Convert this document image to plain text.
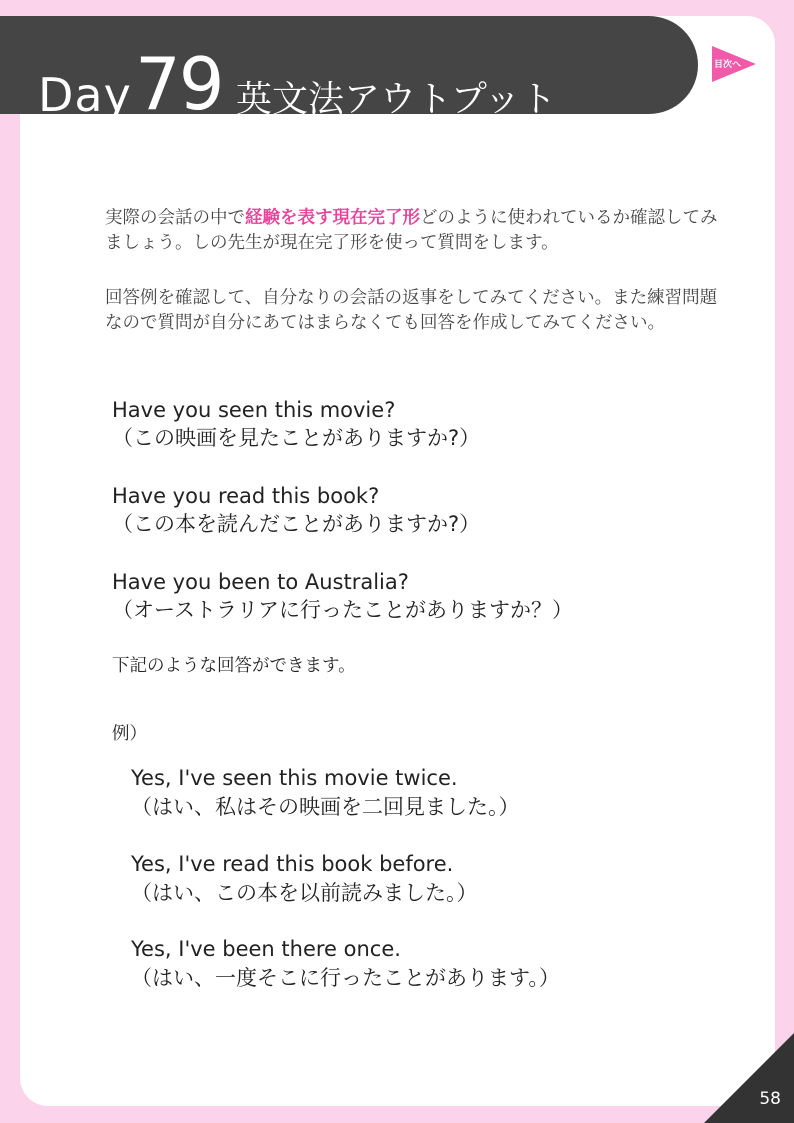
Day 79 英文法アウトプット
目次へ

実際の会話の中で経験を表す現在完了形どのように使われているか確認してみましょう。しの先生が現在完了形を使って質問をします。

回答例を確認して、自分なりの会話の返事をしてみてください。また練習問題なので質問が自分にあてはまらなくても回答を作成してみてください。

Have you seen this movie?
（この映画を見たことがありますか?）
Have you read this book?
（この本を読んだことがありますか?）
Have you been to Australia?
（オーストラリアに行ったことがありますか？）
下記のような回答ができます。
例）
Yes, I've seen this movie twice.
（はい、私はその映画を二回見ました。）
Yes, I've read this book before.
（はい、この本を以前読みました。）
Yes, I've been there once.
（はい、一度そこに行ったことがあります。）
58
